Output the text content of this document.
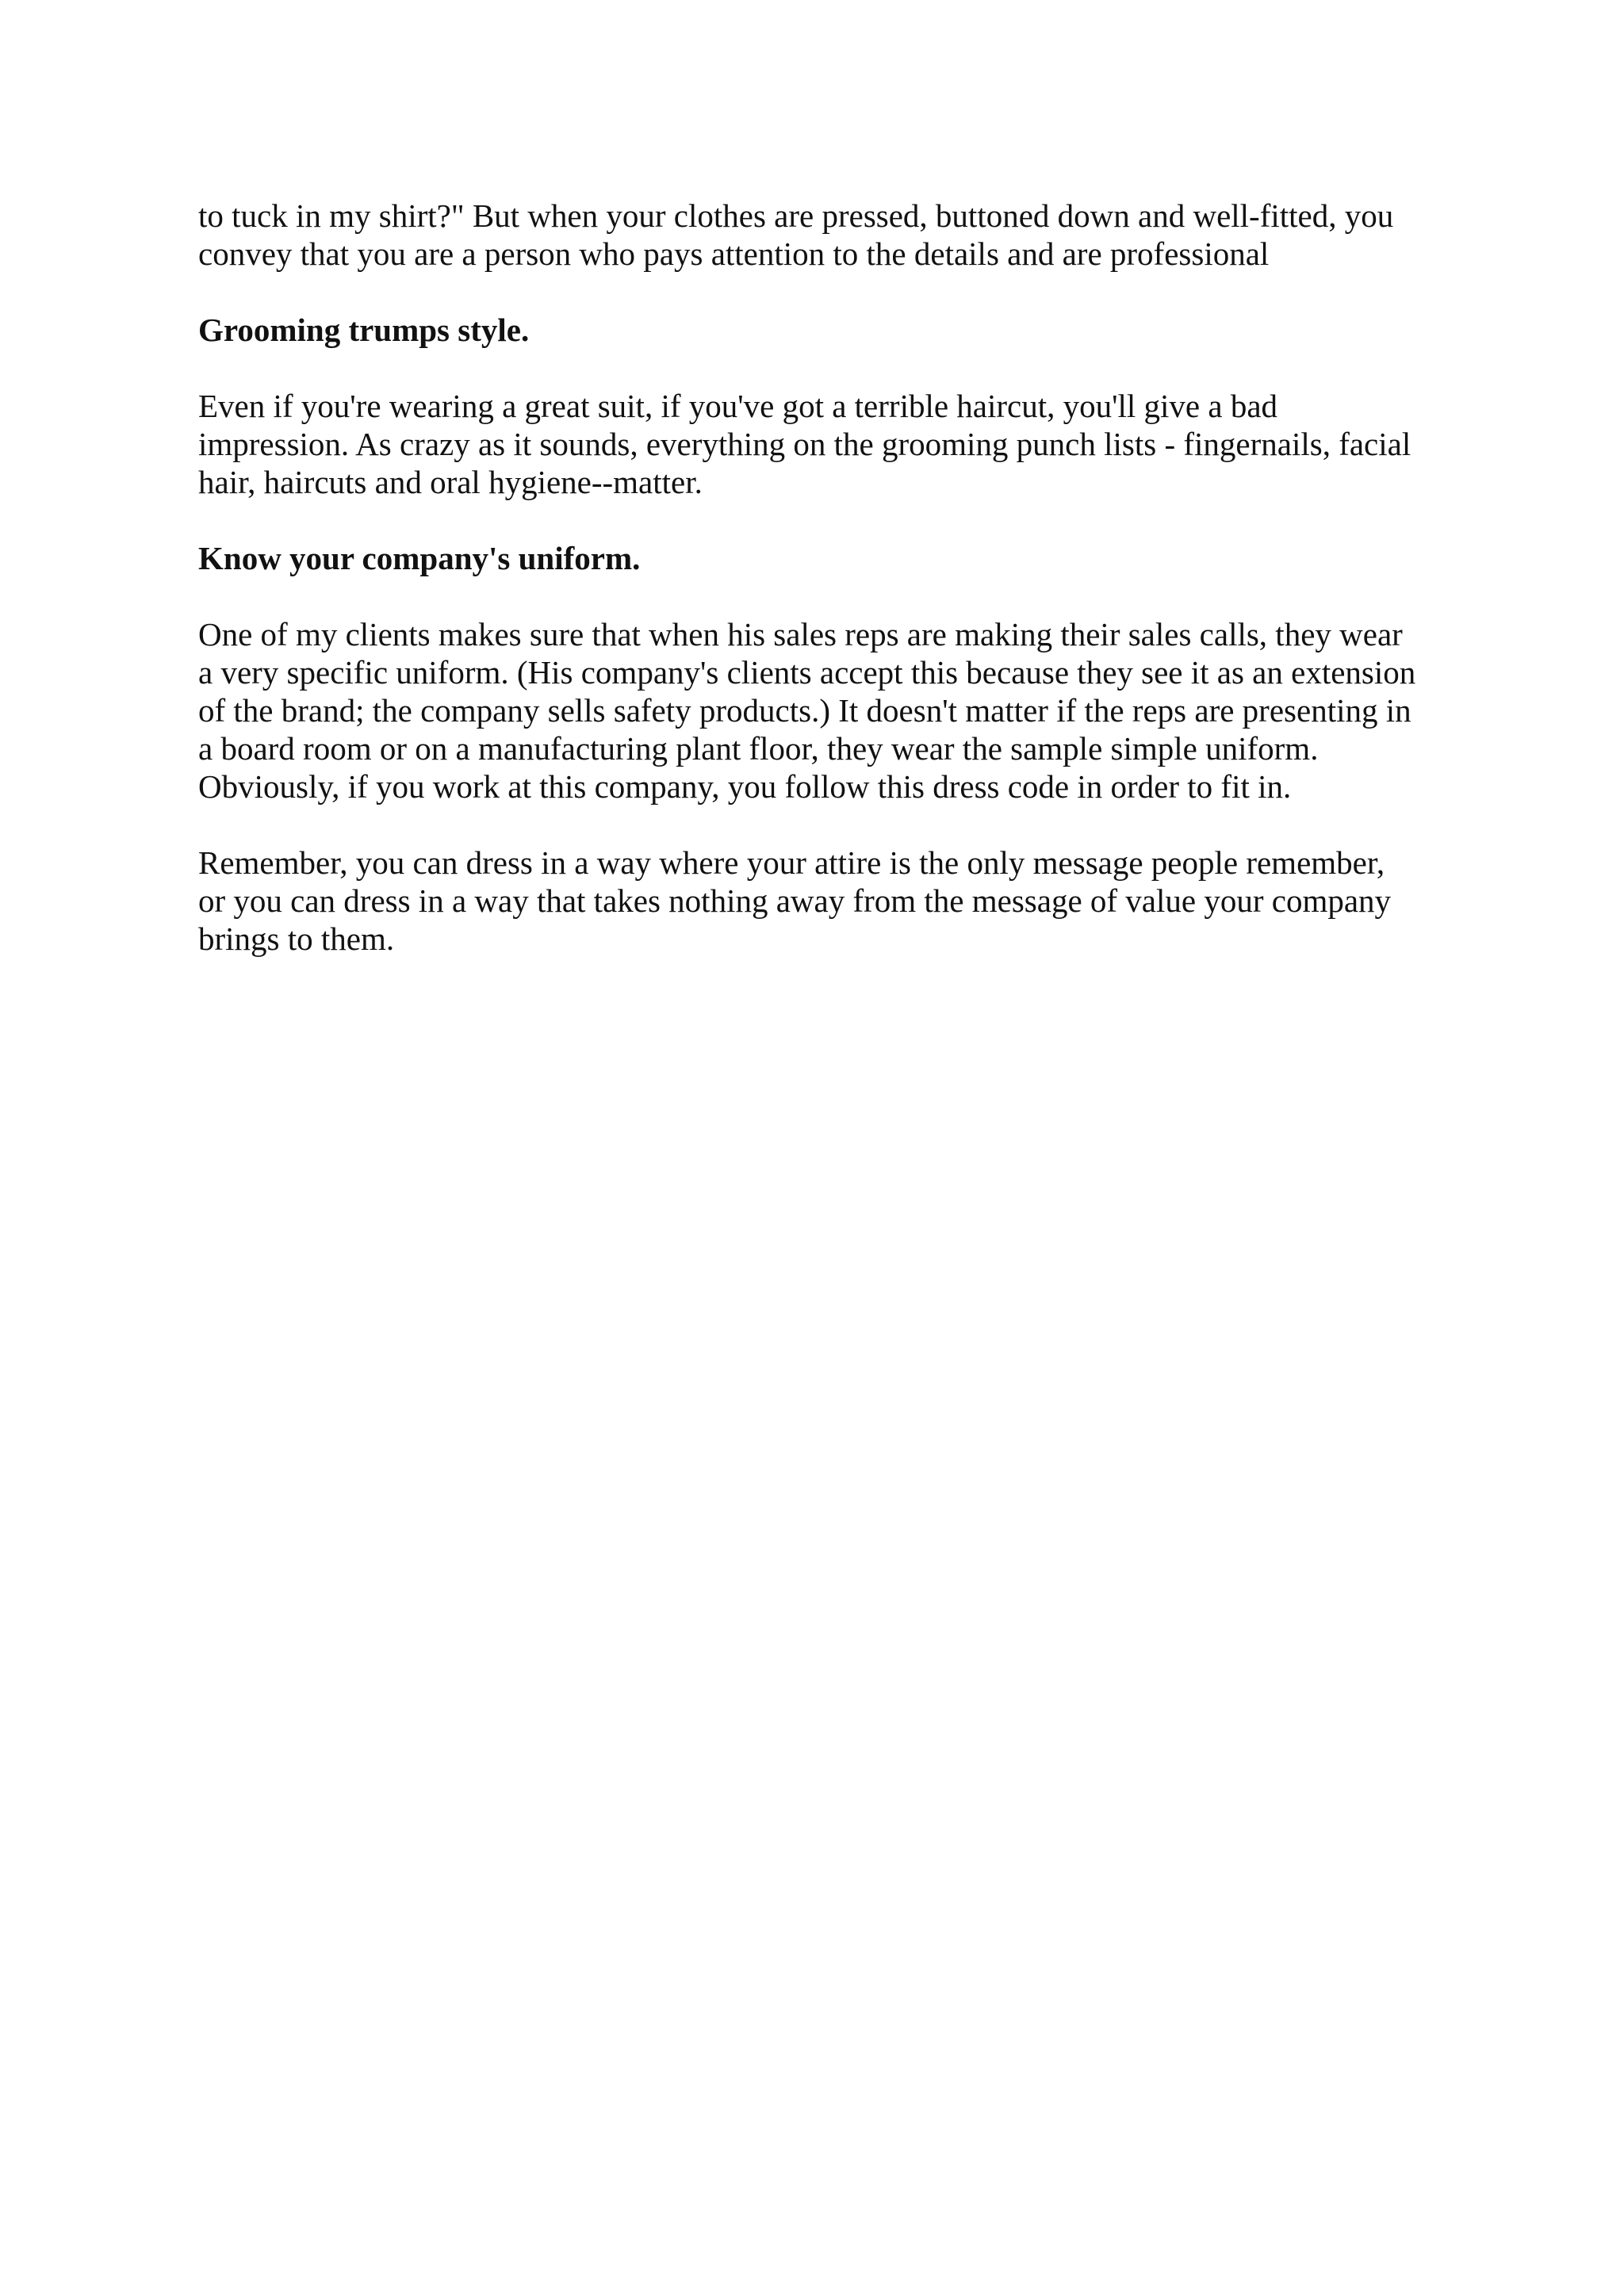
to tuck in my shirt?" But when your clothes are pressed, buttoned down and well-fitted, you
convey that you are a person who pays attention to the details and are professional

Grooming trumps style.

Even if you're wearing a great suit, if you've got a terrible haircut, you'll give a bad
impression. As crazy as it sounds, everything on the grooming punch lists - fingernails, facial
hair, haircuts and oral hygiene--matter.

Know your company's uniform.

One of my clients makes sure that when his sales reps are making their sales calls, they wear
a very specific uniform. (His company's clients accept this because they see it as an extension
of the brand; the company sells safety products.) It doesn't matter if the reps are presenting in
a board room or on a manufacturing plant floor, they wear the sample simple uniform.
Obviously, if you work at this company, you follow this dress code in order to fit in.

Remember, you can dress in a way where your attire is the only message people remember,
or you can dress in a way that takes nothing away from the message of value your company
brings to them.
